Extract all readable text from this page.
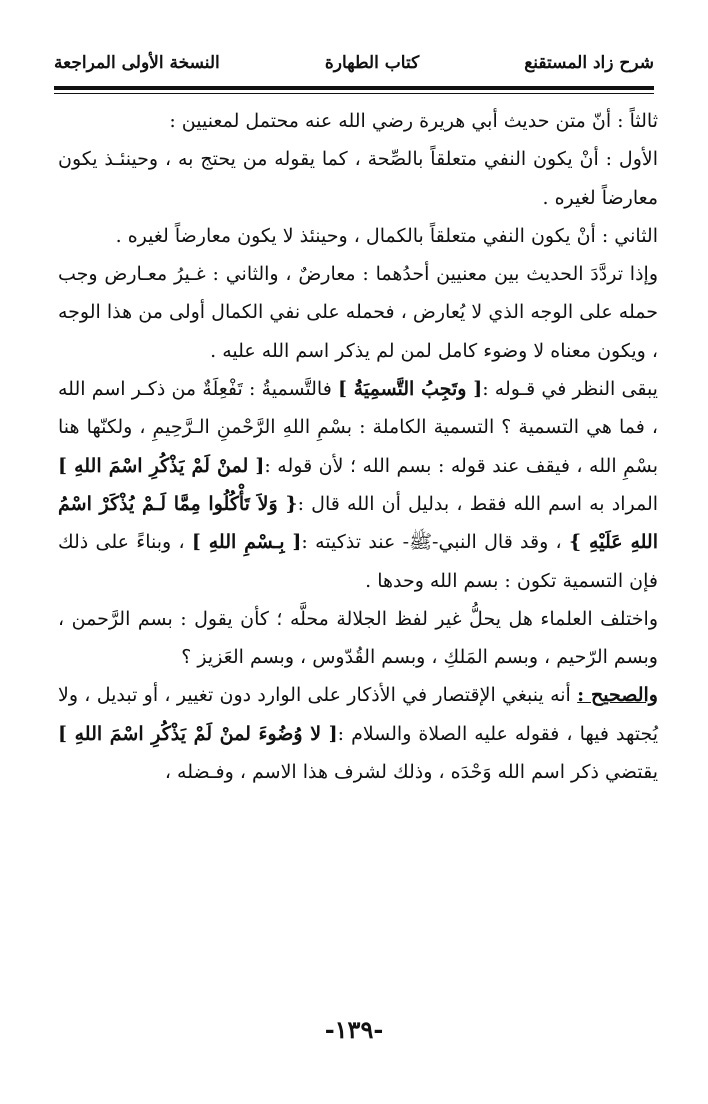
شرح زاد المستقنع
كتاب الطهارة
النسخة الأولى المراجعة

ثالثاً : أنّ متن حديث أبي هريرة رضي الله عنه محتمل لمعنيين :

الأول : أنْ يكون النفي متعلقاً بالصِّحة ، كما يقوله من يحتج به ، وحينئـذ يكون معارضاً لغيره .

الثاني : أنْ يكون النفي متعلقاً بالكمال ، وحينئذ لا يكون معارضاً لغيره .

وإذا تردَّدَ الحديث بين معنيين أحدُهما : معارضٌ ، والثاني : غـيرُ معـارض وجب حمله على الوجه الذي لا يُعارض ، فحمله على نفي الكمال أولى من هذا الوجه ، ويكون معناه لا وضوء كامل لمن لم يذكر اسم الله عليه .

يبقى النظر في قـوله :[ وتَجِبُ التَّسمِيَةُ ] فالتَّسميةُ : تَفْعِلَةٌ من ذكـر اسم الله ، فما هي التسمية ؟ التسمية الكاملة : بسْمِ اللهِ الرَّحْمنِ الـرَّحِيمِ ، ولكنّها هنا بسْمِ الله ، فيقف عند قوله : بسم الله ؛ لأن قوله :[ لمنْ لَمْ يَذْكُرِ اسْمَ اللهِ ] المراد به اسم الله فقط ، بدليل أن الله قال :{ وَلاَ تَأْكُلُوا مِمَّا لَـمْ يُذْكَرْ اسْمُ اللهِ عَلَيْهِ } ، وقد قال النبي-ﷺ- عند تذكيته :[ بِـسْمِ اللهِ ] ، وبناءً على ذلك فإن التسمية تكون : بسم الله وحدها .

واختلف العلماء هل يحلُّ غير لفظ الجلالة محلَّه ؛ كأن يقول : بسم الرَّحمن ، وبسم الرّحيم ، وبسم المَلكِ ، وبسم القُدّوس ، وبسم العَزيز ؟

والصحيح : أنه ينبغي الإقتصار في الأذكار على الوارد دون تغيير ، أو تبديل ، ولا يُجتهد فيها ، فقوله عليه الصلاة والسلام :[ لا وُضُوءَ لمنْ لَمْ يَذْكُرِ اسْمَ اللهِ ] يقتضي ذكر اسم الله وَحْدَه ، وذلك لشرف هذا الاسم ، وفـضله ،

-١٣٩-
